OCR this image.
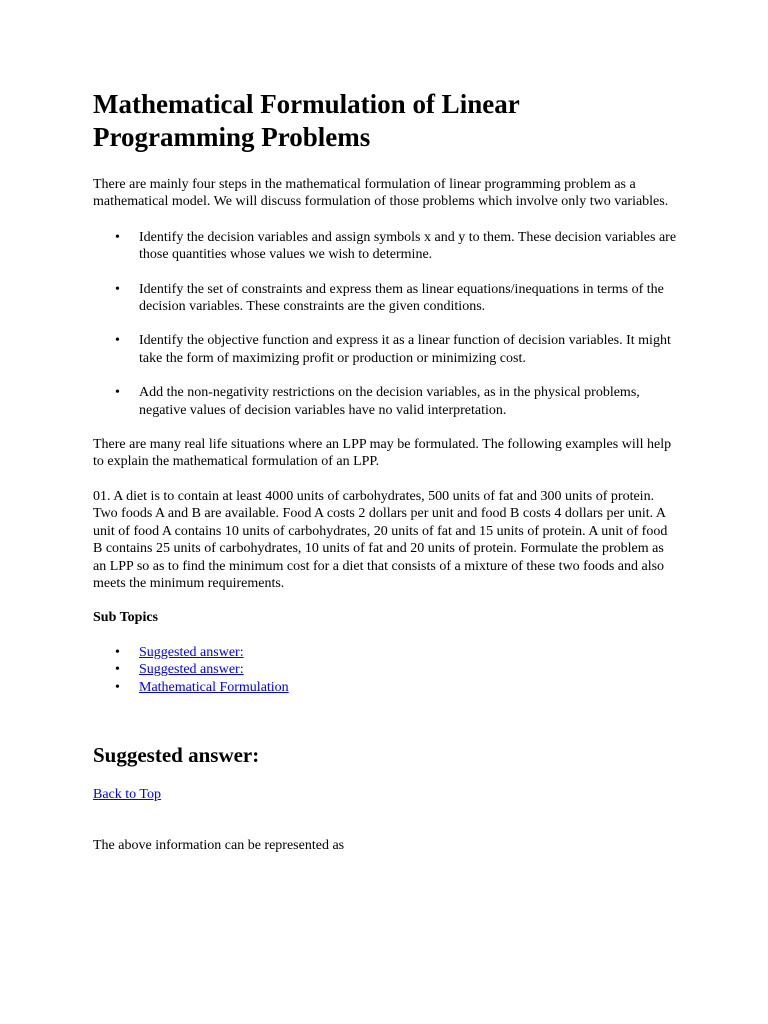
Mathematical Formulation of Linear Programming Problems

There are mainly four steps in the mathematical formulation of linear programming problem as a mathematical model. We will discuss formulation of those problems which involve only two variables.

• Identify the decision variables and assign symbols x and y to them. These decision variables are those quantities whose values we wish to determine.
• Identify the set of constraints and express them as linear equations/inequations in terms of the decision variables. These constraints are the given conditions.
• Identify the objective function and express it as a linear function of decision variables. It might take the form of maximizing profit or production or minimizing cost.
• Add the non-negativity restrictions on the decision variables, as in the physical problems, negative values of decision variables have no valid interpretation.

There are many real life situations where an LPP may be formulated. The following examples will help to explain the mathematical formulation of an LPP.

01. A diet is to contain at least 4000 units of carbohydrates, 500 units of fat and 300 units of protein. Two foods A and B are available. Food A costs 2 dollars per unit and food B costs 4 dollars per unit. A unit of food A contains 10 units of carbohydrates, 20 units of fat and 15 units of protein. A unit of food B contains 25 units of carbohydrates, 10 units of fat and 20 units of protein. Formulate the problem as an LPP so as to find the minimum cost for a diet that consists of a mixture of these two foods and also meets the minimum requirements.

Sub Topics
• Suggested answer:
• Suggested answer:
• Mathematical Formulation
Suggested answer:

Back to Top

The above information can be represented as
